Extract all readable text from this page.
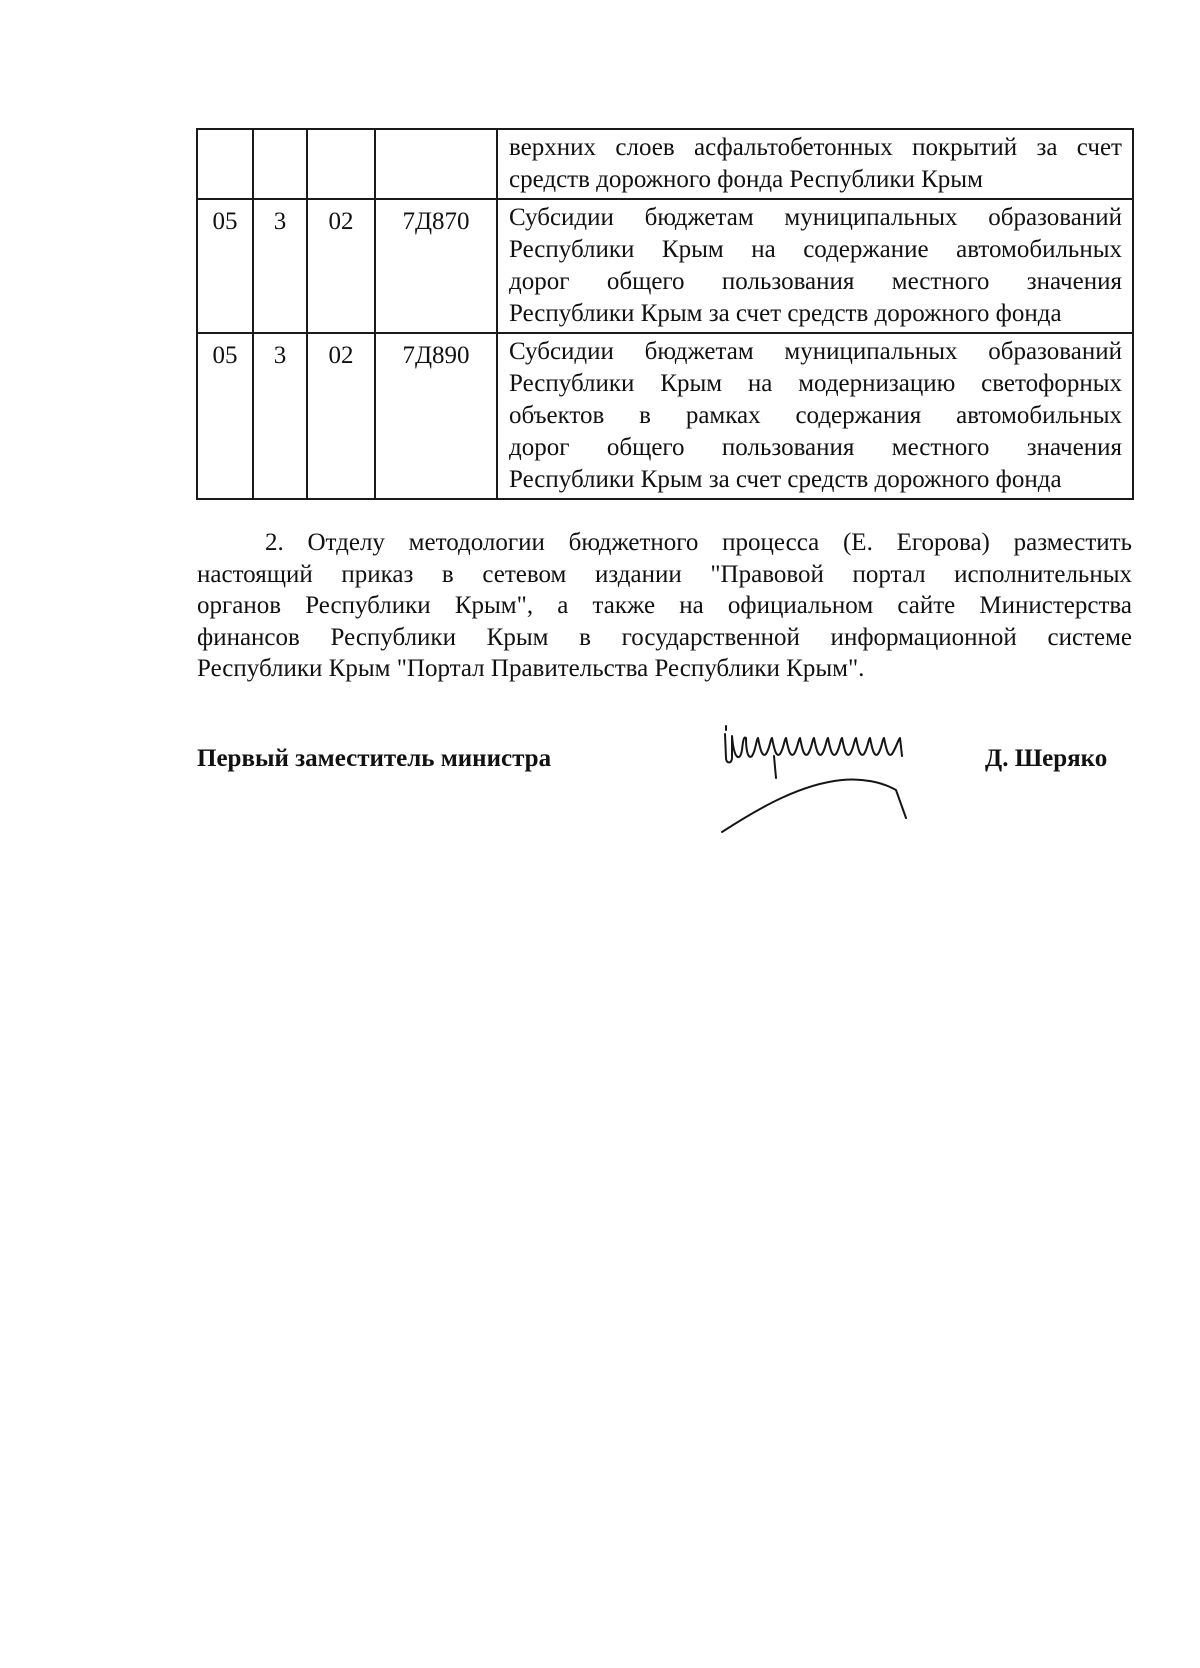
				верхних слоев асфальтобетонных покрытий за счет
средств дорожного фонда Республики Крым

05	3	02	7Д870	Субсидии бюджетам муниципальных образований
Республики Крым на содержание автомобильных
дорог общего пользования местного значения
Республики Крым за счет средств дорожного фонда

05	3	02	7Д890	Субсидии бюджетам муниципальных образований
Республики Крым на модернизацию светофорных
объектов в рамках содержания автомобильных
дорог общего пользования местного значения
Республики Крым за счет средств дорожного фонда
2. Отделу методологии бюджетного процесса (Е. Егорова) разместить
настоящий приказ в сетевом издании "Правовой портал исполнительных
органов Республики Крым", а также на официальном сайте Министерства
финансов Республики Крым в государственной информационной системе
Республики Крым "Портал Правительства Республики Крым".
Первый заместитель министра	Д. Шеряко
